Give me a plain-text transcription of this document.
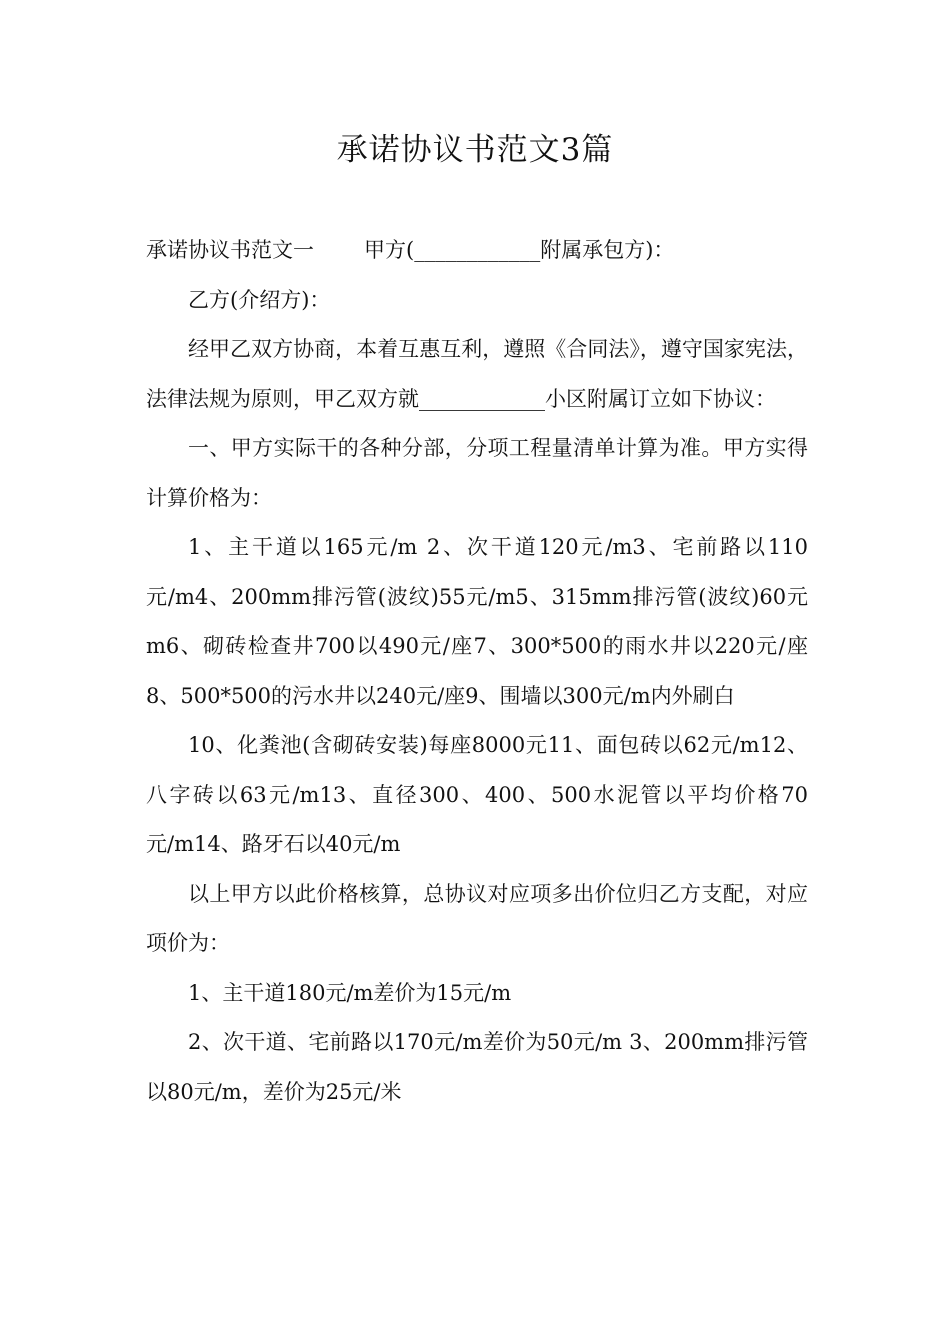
承诺协议书范文3篇

承诺协议书范文一 甲方(____________附属承包方)：

乙方(介绍方)：

经甲乙双方协商，本着互惠互利，遵照《合同法》，遵守国家宪法，法律法规为原则，甲乙双方就____________小区附属订立如下协议：

一、甲方实际干的各种分部，分项工程量清单计算为准。甲方实得计算价格为：

1、主干道以165元/m 2、次干道120元/m3、宅前路以110元/m4、200mm排污管(波纹)55元/m5、315mm排污管(波纹)60元m6、砌砖检查井700以490元/座7、300*500的雨水井以220元/座8、500*500的污水井以240元/座9、围墙以300元/m内外刷白

10、化粪池(含砌砖安装)每座8000元11、面包砖以62元/m12、八字砖以63元/m13、直径300、400、500水泥管以平均价格70元/m14、路牙石以40元/m

以上甲方以此价格核算，总协议对应项多出价位归乙方支配，对应项价为：

1、主干道180元/m差价为15元/m

2、次干道、宅前路以170元/m差价为50元/m 3、200mm排污管以80元/m，差价为25元/米
